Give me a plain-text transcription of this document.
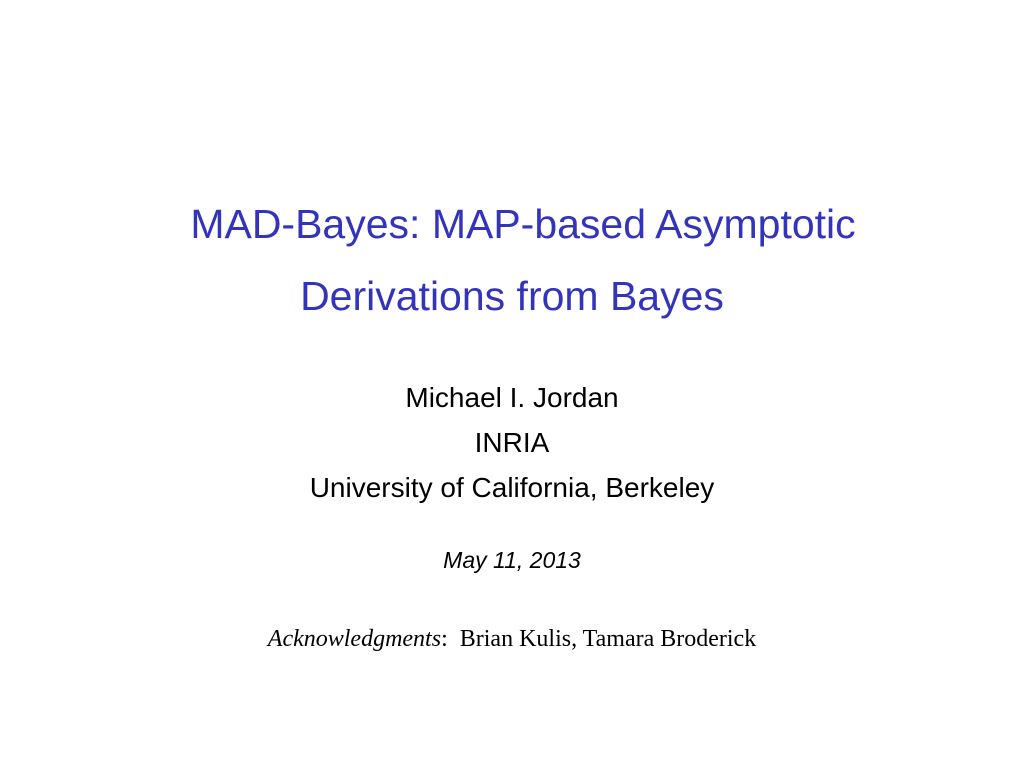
MAD-Bayes: MAP-based Asymptotic
Derivations from Bayes
Michael I. Jordan
INRIA
University of California, Berkeley
May 11, 2013
Acknowledgments: Brian Kulis, Tamara Broderick
